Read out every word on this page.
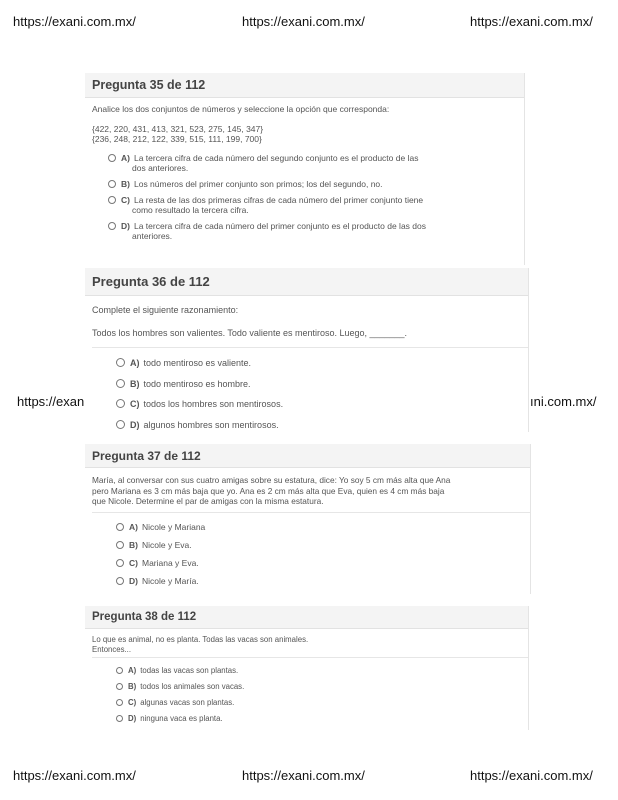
https://exani.com.mx/	https://exani.com.mx/	https://exani.com.mx/
https://exan	ıni.com.mx/
https://exani.com.mx/	https://exani.com.mx/	https://exani.com.mx/
Pregunta 35 de 112
Analice los dos conjuntos de números y seleccione la opción que corresponda:
{422, 220, 431, 413, 321, 523, 275, 145, 347}
{236, 248, 212, 122, 339, 515, 111, 199, 700}
A) La tercera cifra de cada número del segundo conjunto es el producto de las
dos anteriores.
B) Los números del primer conjunto son primos; los del segundo, no.
C) La resta de las dos primeras cifras de cada número del primer conjunto tiene
como resultado la tercera cifra.
D) La tercera cifra de cada número del primer conjunto es el producto de las dos
anteriores.
Pregunta 36 de 112
Complete el siguiente razonamiento:
Todos los hombres son valientes. Todo valiente es mentiroso. Luego, _______.
A) todo mentiroso es valiente.
B) todo mentiroso es hombre.
C) todos los hombres son mentirosos.
D) algunos hombres son mentirosos.
Pregunta 37 de 112
María, al conversar con sus cuatro amigas sobre su estatura, dice: Yo soy 5 cm más alta que Ana
pero Mariana es 3 cm más baja que yo. Ana es 2 cm más alta que Eva, quien es 4 cm más baja
que Nicole. Determine el par de amigas con la misma estatura.
A) Nicole y Mariana
B) Nicole y Eva.
C) Mariana y Eva.
D) Nicole y María.
Pregunta 38 de 112
Lo que es animal, no es planta. Todas las vacas son animales.
Entonces...
A) todas las vacas son plantas.
B) todos los animales son vacas.
C) algunas vacas son plantas.
D) ninguna vaca es planta.
